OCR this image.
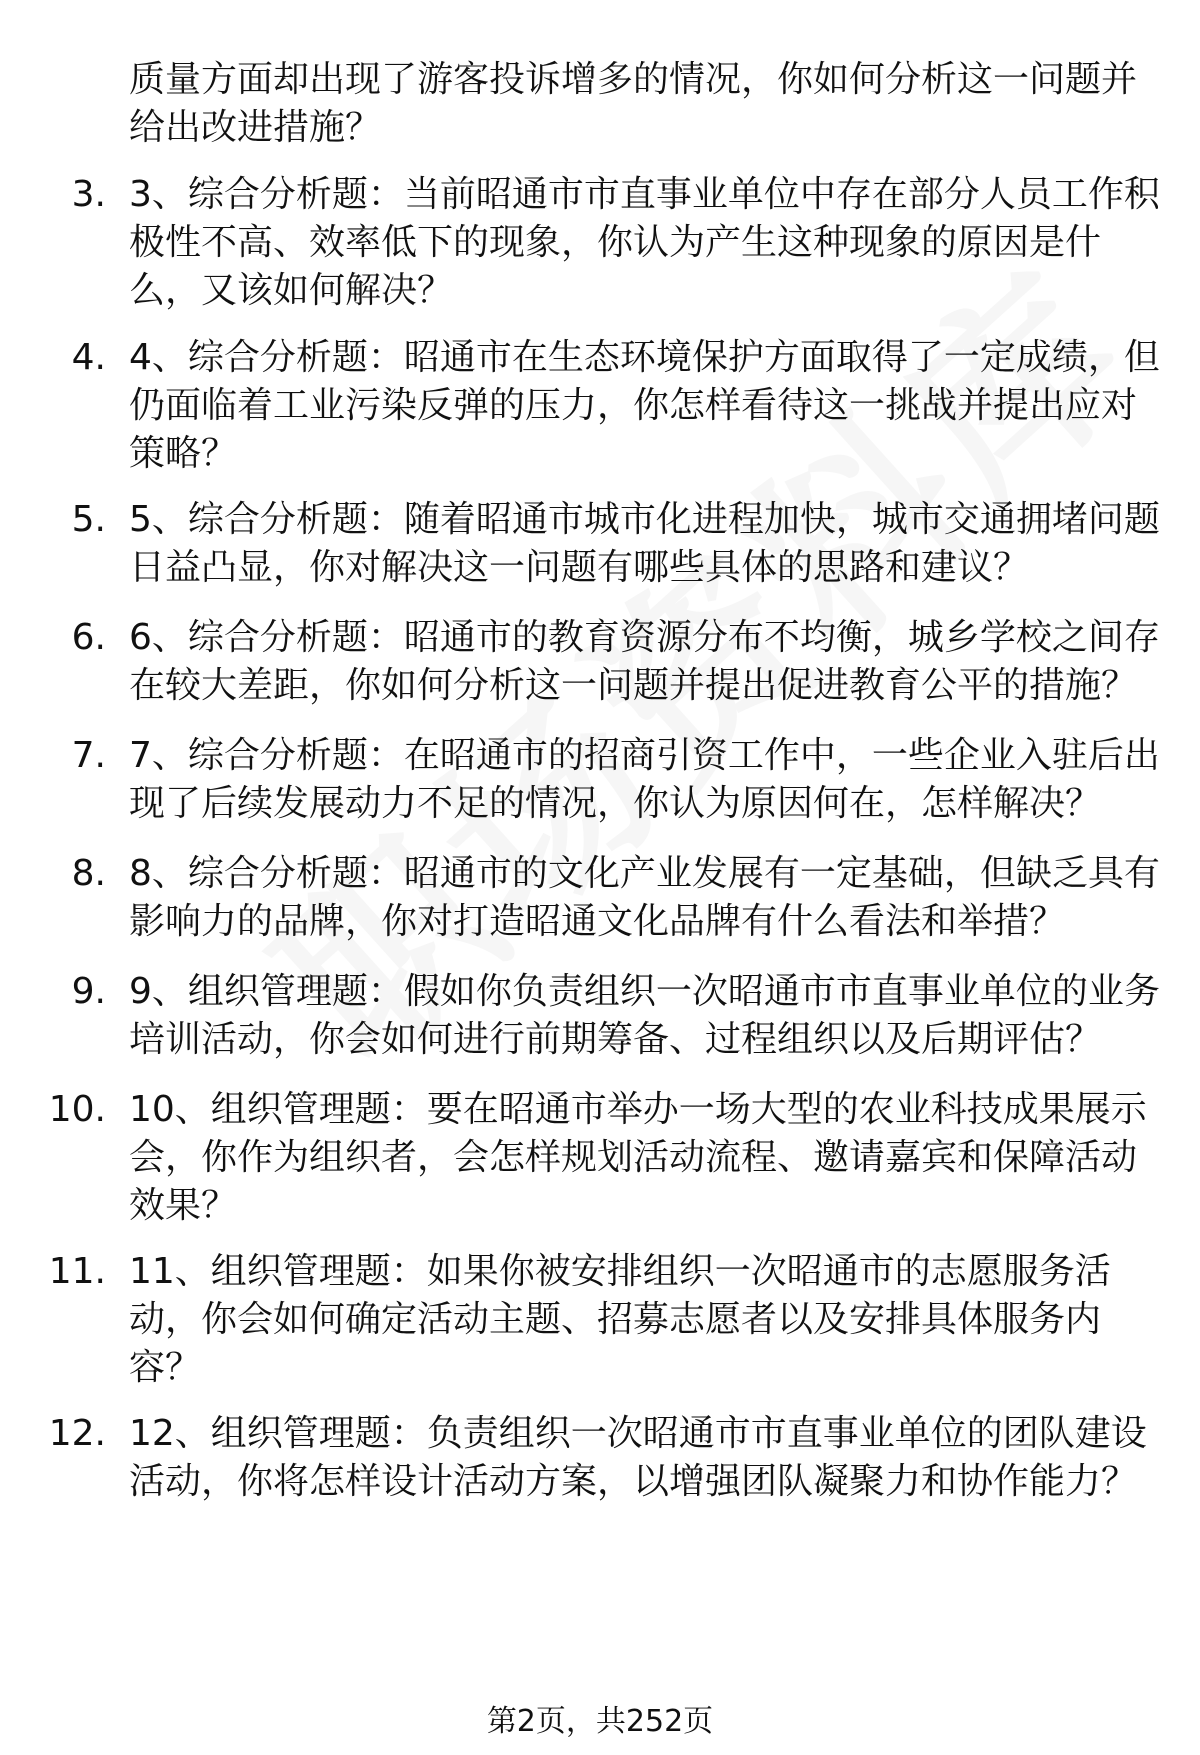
质量方面却出现了游客投诉增多的情况，你如何分析这一问题并
给出改进措施？
3. 3、综合分析题：当前昭通市市直事业单位中存在部分人员工作积
极性不高、效率低下的现象，你认为产生这种现象的原因是什
么，又该如何解决？
4. 4、综合分析题：昭通市在生态环境保护方面取得了一定成绩，但
仍面临着工业污染反弹的压力，你怎样看待这一挑战并提出应对
策略？
5. 5、综合分析题：随着昭通市城市化进程加快，城市交通拥堵问题
日益凸显，你对解决这一问题有哪些具体的思路和建议？
6. 6、综合分析题：昭通市的教育资源分布不均衡，城乡学校之间存
在较大差距，你如何分析这一问题并提出促进教育公平的措施？
7. 7、综合分析题：在昭通市的招商引资工作中，一些企业入驻后出
现了后续发展动力不足的情况，你认为原因何在，怎样解决？
8. 8、综合分析题：昭通市的文化产业发展有一定基础，但缺乏具有
影响力的品牌，你对打造昭通文化品牌有什么看法和举措？
9. 9、组织管理题：假如你负责组织一次昭通市市直事业单位的业务
培训活动，你会如何进行前期筹备、过程组织以及后期评估？
10. 10、组织管理题：要在昭通市举办一场大型的农业科技成果展示
会，你作为组织者，会怎样规划活动流程、邀请嘉宾和保障活动
效果？
11. 11、组织管理题：如果你被安排组织一次昭通市的志愿服务活
动，你会如何确定活动主题、招募志愿者以及安排具体服务内
容？
12. 12、组织管理题：负责组织一次昭通市市直事业单位的团队建设
活动，你将怎样设计活动方案，以增强团队凝聚力和协作能力？
第2页，共252页
